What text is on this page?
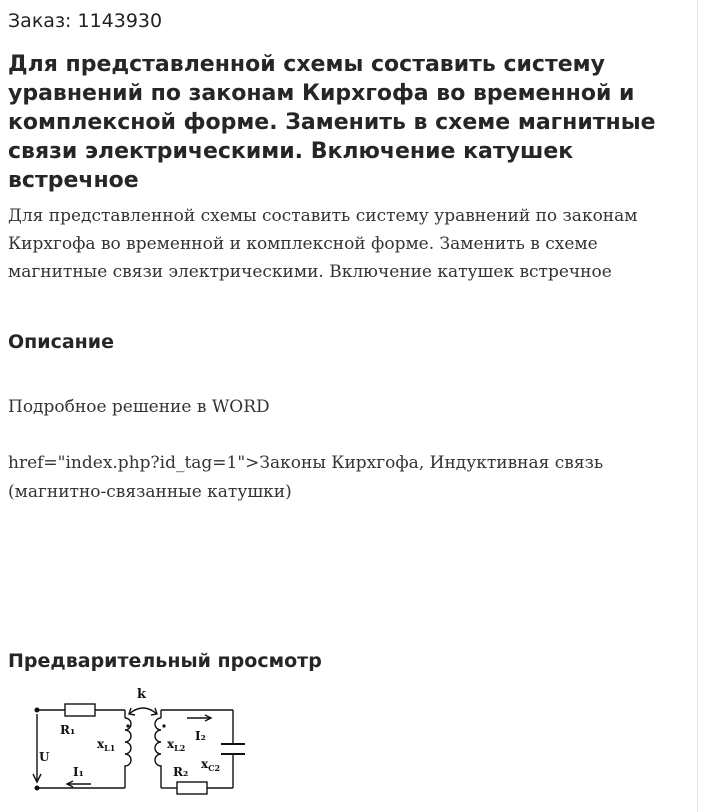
Заказ: 1143930
Для представленной схемы составить систему уравнений по законам Кирхгофа во временной и комплексной форме. Заменить в схеме магнитные связи электрическими. Включение катушек встречное

Для представленной схемы составить систему уравнений по законам Кирхгофа во временной и комплексной форме. Заменить в схеме магнитные связи электрическими. Включение катушек встречное

Описание

Подробное решение в WORD

href="index.php?id_tag=1">Законы Кирхгофа, Индуктивная связь (магнитно-связанные катушки)

Предварительный просмотр
k
R₁
$x_{L1}$
U
I₁
$x_{L2}$
I₂
R₂
$x_{C2}$
